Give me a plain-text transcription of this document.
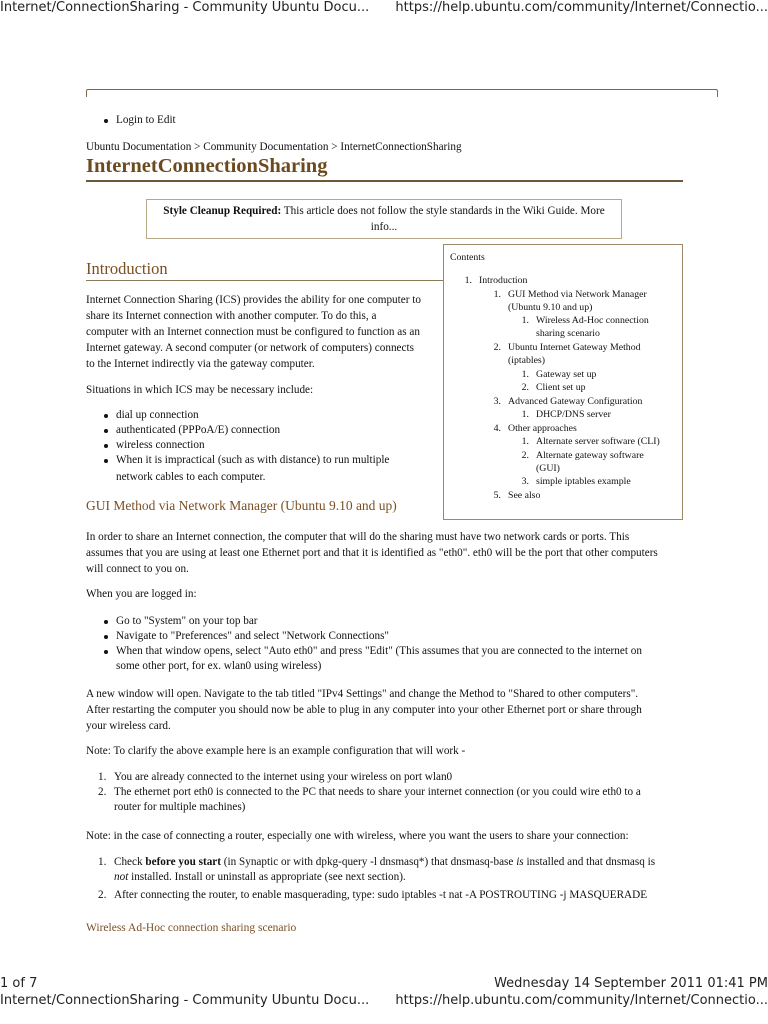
Internet/ConnectionSharing - Community Ubuntu Docu... https://help.ubuntu.com/community/Internet/Connectio...
Login to Edit
Ubuntu Documentation > Community Documentation > InternetConnectionSharing
InternetConnectionSharing
Style Cleanup Required: This article does not follow the style standards in the Wiki Guide. More
info...
Contents
1. Introduction
1. GUI Method via Network Manager
(Ubuntu 9.10 and up)
1. Wireless Ad-Hoc connection
sharing scenario
2. Ubuntu Internet Gateway Method
(iptables)
1. Gateway set up
2. Client set up
3. Advanced Gateway Configuration
1. DHCP/DNS server
4. Other approaches
1. Alternate server software (CLI)
2. Alternate gateway software
(GUI)
3. simple iptables example
5. See also
Introduction

Internet Connection Sharing (ICS) provides the ability for one computer to

share its Internet connection with another computer. To do this, a

computer with an Internet connection must be configured to function as an

Internet gateway. A second computer (or network of computers) connects

to the Internet indirectly via the gateway computer.

Situations in which ICS may be necessary include:
dial up connection
authenticated (PPPoA/E) connection
wireless connection
When it is impractical (such as with distance) to run multiple
network cables to each computer.
GUI Method via Network Manager (Ubuntu 9.10 and up)

In order to share an Internet connection, the computer that will do the sharing must have two network cards or ports. This

assumes that you are using at least one Ethernet port and that it is identified as "eth0". eth0 will be the port that other computers

will connect to you on.

When you are logged in:
Go to "System" on your top bar
Navigate to "Preferences" and select "Network Connections"
When that window opens, select "Auto eth0" and press "Edit" (This assumes that you are connected to the internet on
some other port, for ex. wlan0 using wireless)

A new window will open. Navigate to the tab titled "IPv4 Settings" and change the Method to "Shared to other computers".

After restarting the computer you should now be able to plug in any computer into your other Ethernet port or share through

your wireless card.

Note: To clarify the above example here is an example configuration that will work -
1. You are already connected to the internet using your wireless on port wlan0
2. The ethernet port eth0 is connected to the PC that needs to share your internet connection (or you could wire eth0 to a
router for multiple machines)
Note: in the case of connecting a router, especially one with wireless, where you want the users to share your connection:
1. Check before you start (in Synaptic or with dpkg-query -l dnsmasq*) that dnsmasq-base is installed and that dnsmasq is
not installed. Install or uninstall as appropriate (see next section).
2. After connecting the router, to enable masquerading, type: sudo iptables -t nat -A POSTROUTING -j MASQUERADE
Wireless Ad-Hoc connection sharing scenario
1 of 7	Wednesday 14 September 2011 01:41 PM
Internet/ConnectionSharing - Community Ubuntu Docu... https://help.ubuntu.com/community/Internet/Connectio...
